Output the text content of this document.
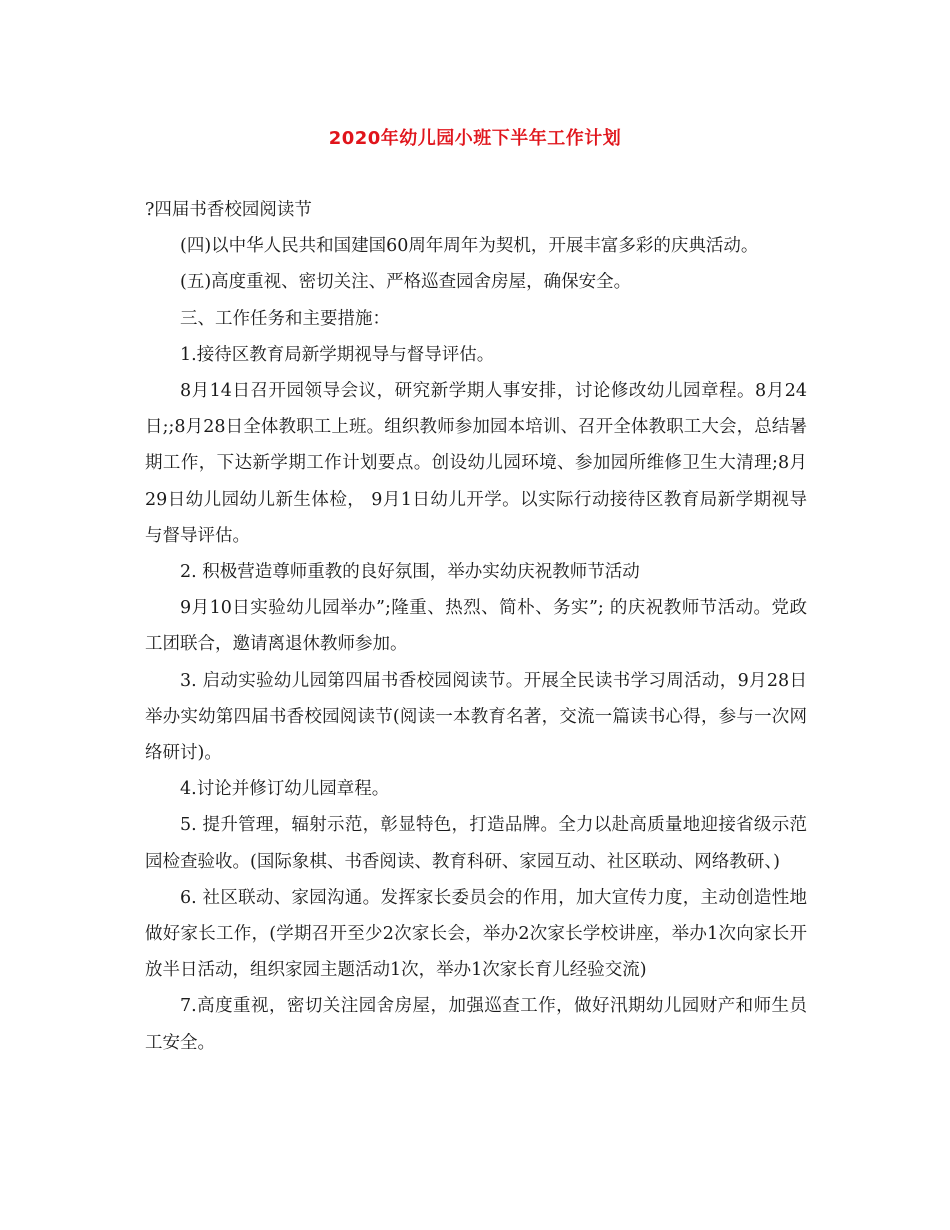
2020年幼儿园小班下半年工作计划

?四届书香校园阅读节

(四)以中华人民共和国建国60周年周年为契机，开展丰富多彩的庆典活动。

(五)高度重视、密切关注、严格巡查园舍房屋，确保安全。

三、工作任务和主要措施：

1.接待区教育局新学期视导与督导评估。

8月14日召开园领导会议，研究新学期人事安排，讨论修改幼儿园章程。8月24日;;8月28日全体教职工上班。组织教师参加园本培训、召开全体教职工大会，总结暑期工作，下达新学期工作计划要点。创设幼儿园环境、参加园所维修卫生大清理;8月29日幼儿园幼儿新生体检， 9月1日幼儿开学。以实际行动接待区教育局新学期视导与督导评估。

2. 积极营造尊师重教的良好氛围，举办实幼庆祝教师节活动

9月10日实验幼儿园举办”;隆重、热烈、简朴、务实”; 的庆祝教师节活动。党政工团联合，邀请离退休教师参加。

3. 启动实验幼儿园第四届书香校园阅读节。开展全民读书学习周活动，9月28日举办实幼第四届书香校园阅读节(阅读一本教育名著，交流一篇读书心得，参与一次网络研讨)。

4.讨论并修订幼儿园章程。

5. 提升管理，辐射示范，彰显特色，打造品牌。全力以赴高质量地迎接省级示范园检查验收。(国际象棋、书香阅读、教育科研、家园互动、社区联动、网络教研、)

6. 社区联动、家园沟通。发挥家长委员会的作用，加大宣传力度，主动创造性地做好家长工作，(学期召开至少2次家长会，举办2次家长学校讲座，举办1次向家长开放半日活动，组织家园主题活动1次，举办1次家长育儿经验交流)

7.高度重视，密切关注园舍房屋，加强巡查工作，做好汛期幼儿园财产和师生员工安全。
